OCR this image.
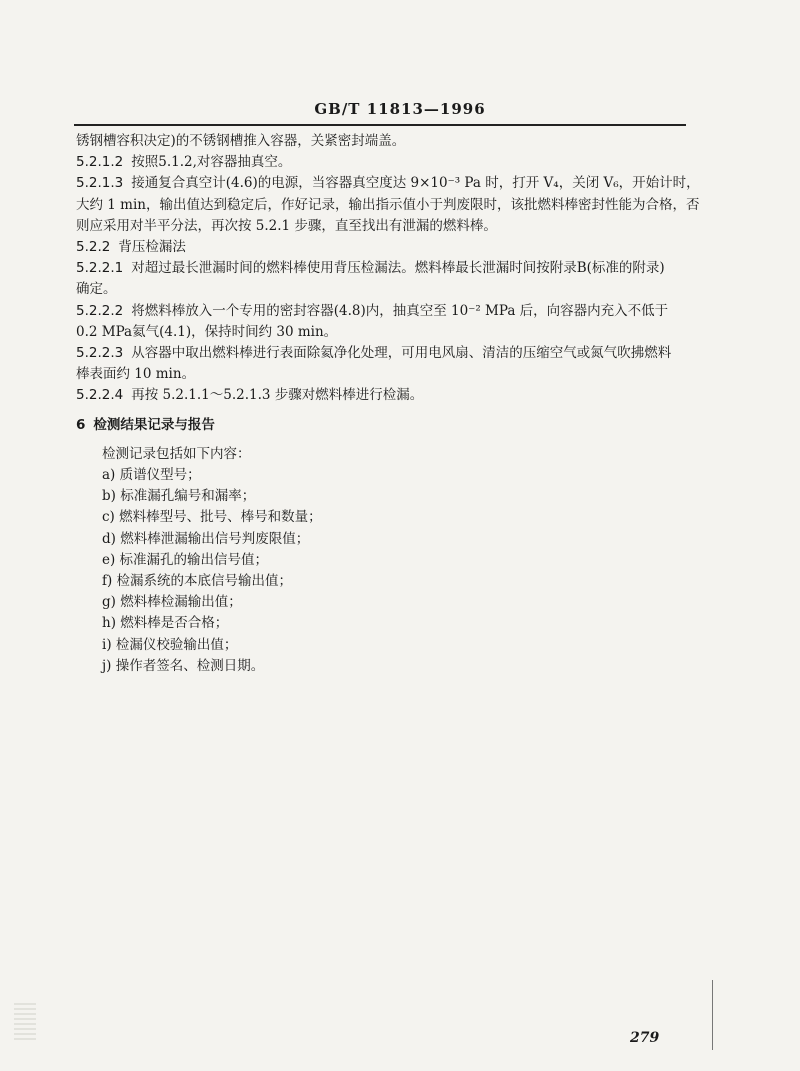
GB/T 11813—1996
锈钢槽容积决定)的不锈钢槽推入容器，关紧密封端盖。
5.2.1.2 按照5.1.2,对容器抽真空。
5.2.1.3 接通复合真空计(4.6)的电源，当容器真空度达 9×10⁻³ Pa 时，打开 V₄，关闭 V₆，开始计时，
大约 1 min，输出值达到稳定后，作好记录，输出指示值小于判废限时，该批燃料棒密封性能为合格，否
则应采用对半平分法，再次按 5.2.1 步骤，直至找出有泄漏的燃料棒。
5.2.2 背压检漏法
5.2.2.1 对超过最长泄漏时间的燃料棒使用背压检漏法。燃料棒最长泄漏时间按附录B(标准的附录)
确定。
5.2.2.2 将燃料棒放入一个专用的密封容器(4.8)内，抽真空至 10⁻² MPa 后，向容器内充入不低于
0.2 MPa氦气(4.1)，保持时间约 30 min。
5.2.2.3 从容器中取出燃料棒进行表面除氦净化处理，可用电风扇、清洁的压缩空气或氮气吹拂燃料
棒表面约 10 min。
5.2.2.4 再按 5.2.1.1～5.2.1.3 步骤对燃料棒进行检漏。
6 检测结果记录与报告
检测记录包括如下内容：
a) 质谱仪型号；
b) 标准漏孔编号和漏率；
c) 燃料棒型号、批号、棒号和数量；
d) 燃料棒泄漏输出信号判废限值；
e) 标准漏孔的输出信号值；
f) 检漏系统的本底信号输出值；
g) 燃料棒检漏输出值；
h) 燃料棒是否合格；
i) 检漏仪校验输出值；
j) 操作者签名、检测日期。
279
